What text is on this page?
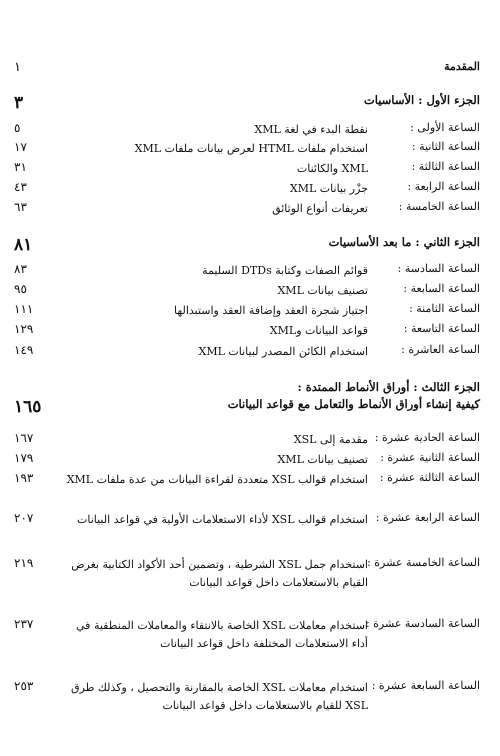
١	المقدمة
٣	الجزء الأول : الأساسيات
٥	الساعة الأولى :
نقطة البدء في لغة XML
١٧	الساعة الثانية :
استخدام ملفات HTML لعرض بيانات ملفات XML
٣١	الساعة الثالثة :
XML والكائنات
٤٣	الساعة الرابعة :
جزْر بيانات XML
٦٣	الساعة الخامسة :
تعريفات أنواع الوثائق
٨١	الجزء الثاني : ما بعد الأساسيات
٨٣	الساعة السادسة :
قوائم الصفات وكتابة DTDs السليمة
٩٥	الساعة السابعة :
تصنيف بيانات XML
١١١	الساعة الثامنة :
اجتياز شجرة العقد وإضافة العقد واستبدالها
١٢٩	الساعة التاسعة :
قواعد البيانات وXML
١٤٩	الساعة العاشرة :
استخدام الكائن المصدر لبيانات XML
الجزء الثالث : أوراق الأنماط الممتدة :
١٦٥	كيفية إنشاء أوراق الأنماط والتعامل مع قواعد البيانات
١٦٧	الساعة الحادية عشرة :
مقدمة إلى XSL
١٧٩	الساعة الثانية عشرة :
تصنيف بيانات XML
١٩٣	الساعة الثالثة عشرة :
استخدام قوالب XSL متعددة لقراءة البيانات من عدة ملفات XML
٢٠٧	الساعة الرابعة عشرة :
استخدام قوالب XSL لأداء الاستعلامات الأولية في قواعد البيانات
٢١٩	الساعة الخامسة عشرة :
استخدام جمل XSL الشرطية ، وتضمين أحد الأكواد الكتابية بغرض القيام بالاستعلامات داخل قواعد البيانات
٢٣٧	الساعة السادسة عشرة :
استخدام معاملات XSL الخاصة بالانتقاء والمعاملات المنطقية في أداء الاستعلامات المختلفة داخل قواعد البيانات
٢٥٣	الساعة السابعة عشرة :
استخدام معاملات XSL الخاصة بالمقارنة والتحصيل ، وكذلك طرق XSL للقيام بالاستعلامات داخل قواعد البيانات
